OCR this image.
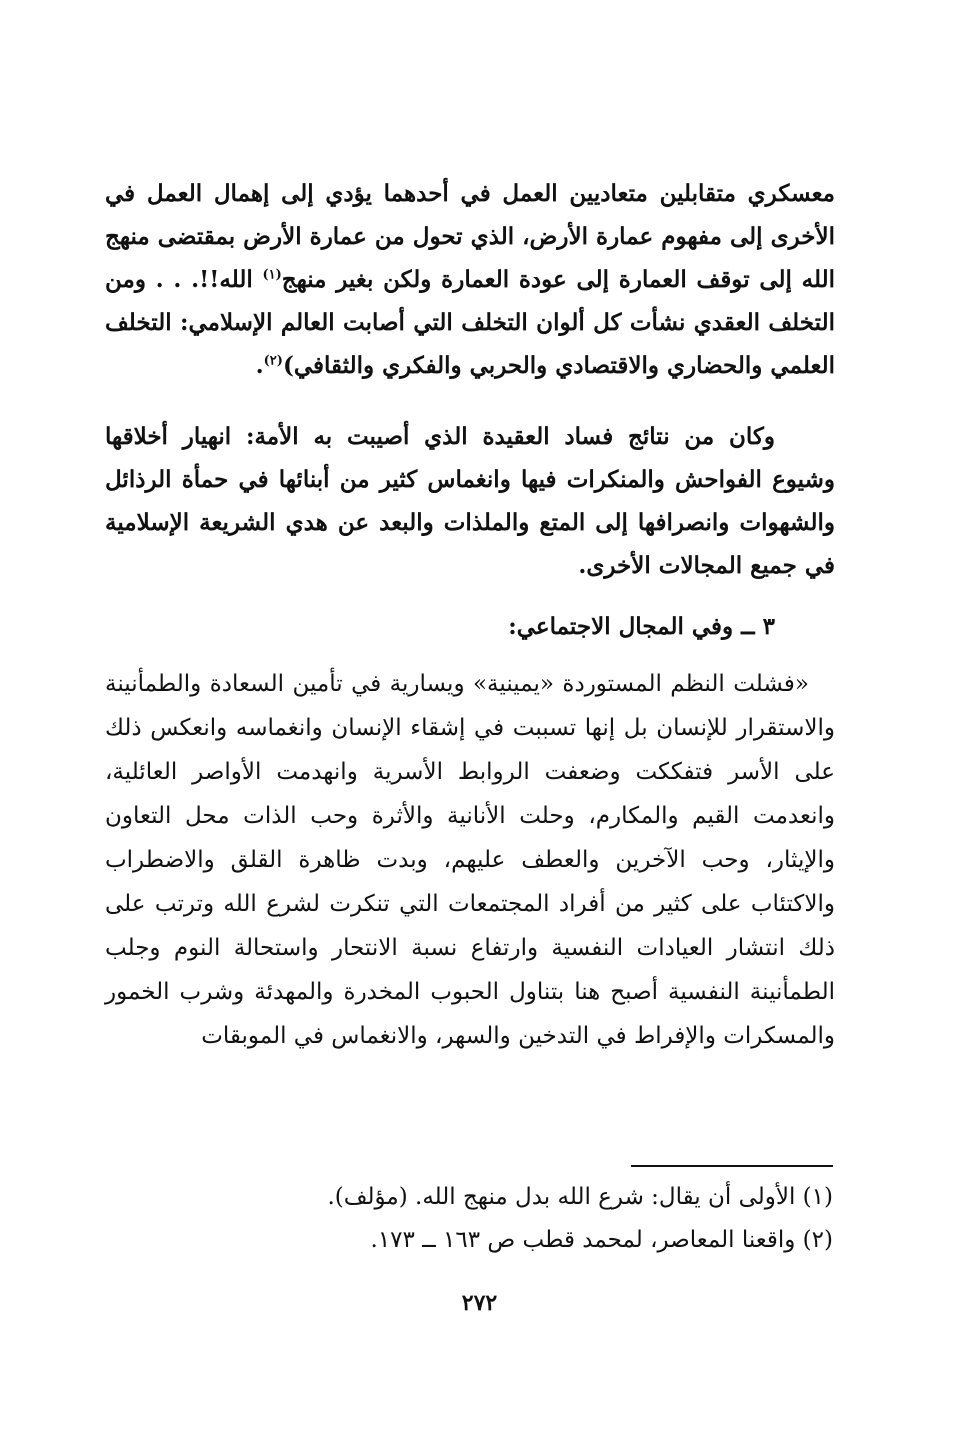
معسكري متقابلين متعاديين العمل في أحدهما يؤدي إلى إهمال العمل في الأخرى إلى مفهوم عمارة الأرض، الذي تحول من عمارة الأرض بمقتضى منهج الله إلى توقف العمارة إلى عودة العمارة ولكن بغير منهج$^{(١)}$ الله!!. . . ومن التخلف العقدي نشأت كل ألوان التخلف التي أصابت العالم الإسلامي: التخلف العلمي والحضاري والاقتصادي والحربي والفكري والثقافي)$^{(٢)}$.

وكان من نتائج فساد العقيدة الذي أصيبت به الأمة: انهيار أخلاقها وشيوع الفواحش والمنكرات فيها وانغماس كثير من أبنائها في حمأة الرذائل والشهوات وانصرافها إلى المتع والملذات والبعد عن هدي الشريعة الإسلامية في جميع المجالات الأخرى.

٣ ــ وفي المجال الاجتماعي:

«فشلت النظم المستوردة «يمينية» ويسارية في تأمين السعادة والطمأنينة والاستقرار للإنسان بل إنها تسببت في إشقاء الإنسان وانغماسه وانعكس ذلك على الأسر فتفككت وضعفت الروابط الأسرية وانهدمت الأواصر العائلية، وانعدمت القيم والمكارم، وحلت الأنانية والأثرة وحب الذات محل التعاون والإيثار، وحب الآخرين والعطف عليهم، وبدت ظاهرة القلق والاضطراب والاكتئاب على كثير من أفراد المجتمعات التي تنكرت لشرع الله وترتب على ذلك انتشار العيادات النفسية وارتفاع نسبة الانتحار واستحالة النوم وجلب الطمأنينة النفسية أصبح هنا بتناول الحبوب المخدرة والمهدئة وشرب الخمور والمسكرات والإفراط في التدخين والسهر، والانغماس في الموبقات

(١) الأولى أن يقال: شرع الله بدل منهج الله. (مؤلف).

(٢) واقعنا المعاصر، لمحمد قطب ص ١٦٣ ــ ١٧٣.

٢٧٢
